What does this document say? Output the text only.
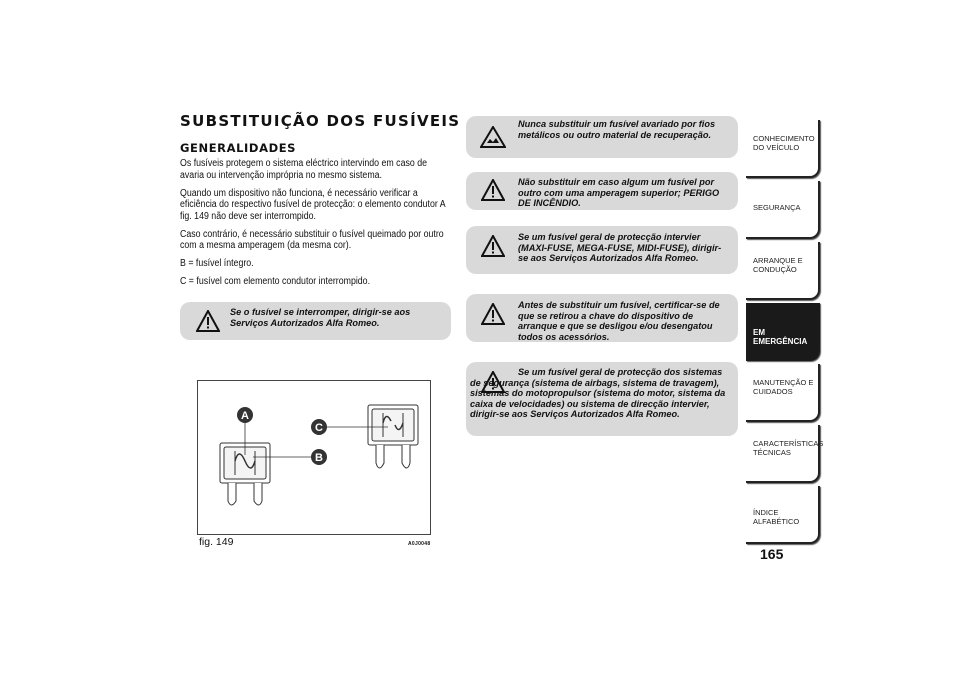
SUBSTITUIÇÃO DOS FUSÍVEIS
GENERALIDADES

Os fusíveis protegem o sistema eléctrico intervindo em caso de avaria ou intervenção imprópria no mesmo sistema.

Quando um dispositivo não funciona, é necessário verificar a eficiência do respectivo fusível de protecção: o elemento condutor A fig. 149 não deve ser interrompido.

Caso contrário, é necessário substituir o fusível queimado por outro com a mesma amperagem (da mesma cor).

B = fusível íntegro.

C = fusível com elemento condutor interrompido.

Se o fusível se interromper, dirigir-se aos Serviços Autorizados Alfa Romeo.
A
B
C
fig. 149	A0J0048
Nunca substituir um fusível avariado por fios metálicos ou outro material de recuperação.
Não substituir em caso algum um fusível por outro com uma amperagem superior; PERIGO DE INCÊNDIO.
Se um fusível geral de protecção intervier (MAXI-FUSE, MEGA-FUSE, MIDI-FUSE), dirigir-se aos Serviços Autorizados Alfa Romeo.
Antes de substituir um fusível, certificar-se de que se retirou a chave do dispositivo de arranque e que se desligou e/ou desengatou todos os acessórios.
Se um fusível geral de protecção dos sistemas de segurança (sistema de airbags, sistema de travagem), sistemas do motopropulsor (sistema do motor, sistema da caixa de velocidades) ou sistema de direcção intervier, dirigir-se aos Serviços Autorizados Alfa Romeo.
CONHECIMENTO DO VEÍCULO
SEGURANÇA
ARRANQUE E CONDUÇÃO
EM EMERGÊNCIA
MANUTENÇÃO E CUIDADOS
CARACTERÍSTICAS TÉCNICAS
ÍNDICE ALFABÉTICO
165
